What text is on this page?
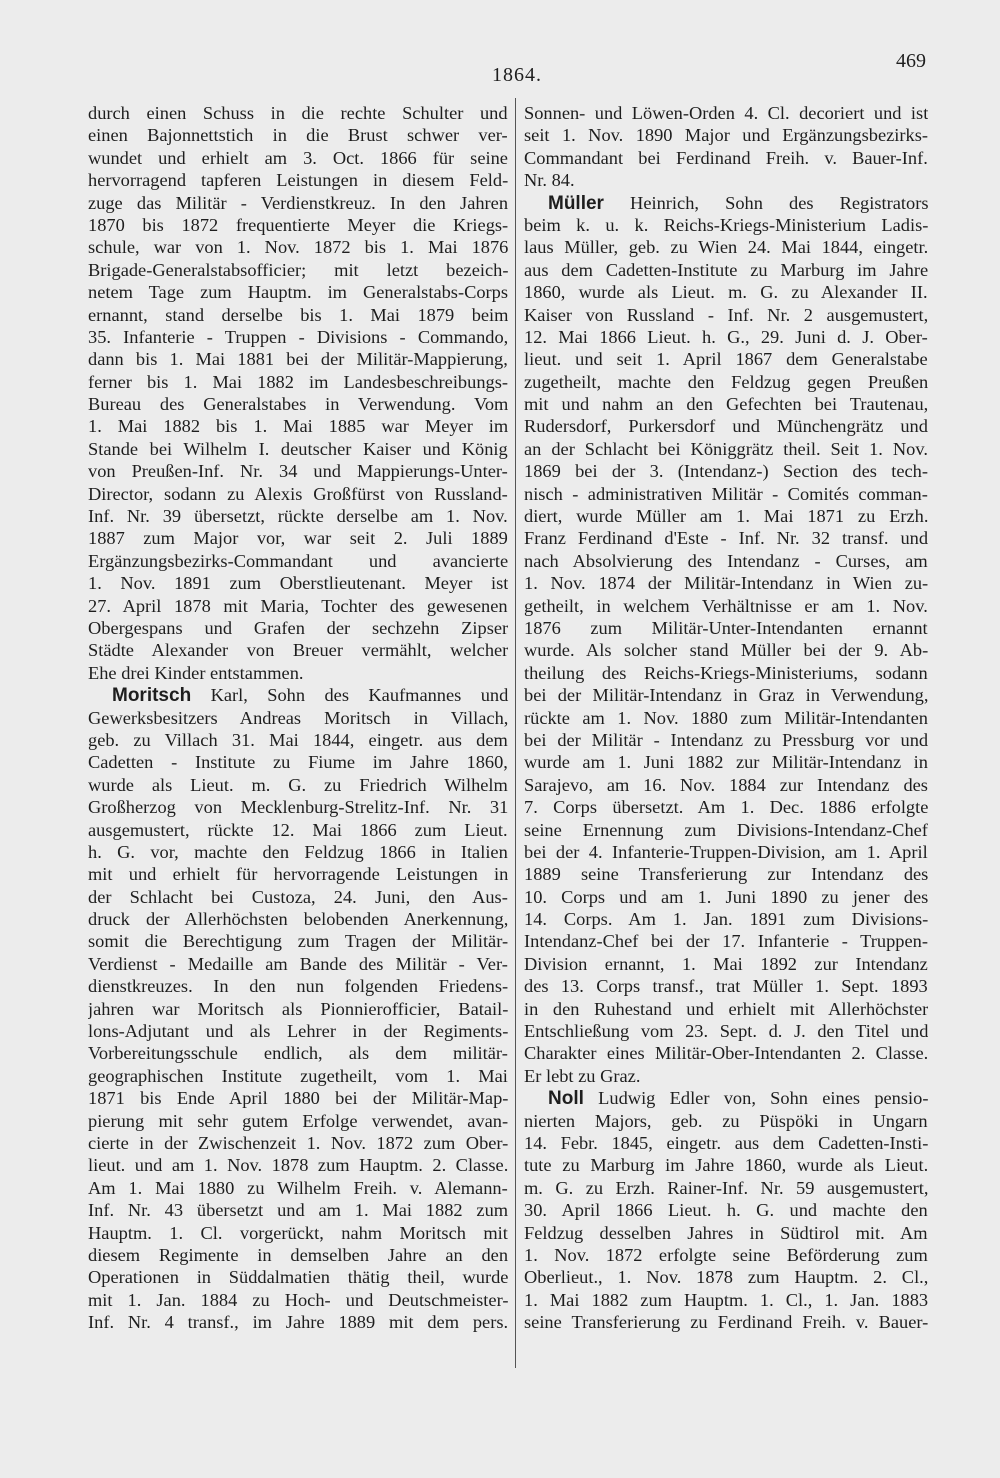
1864.
469
durch einen Schuss in die rechte Schulter und
einen Bajonnettstich in die Brust schwer ver-
wundet und erhielt am 3. Oct. 1866 für seine
hervorragend tapferen Leistungen in diesem Feld-
zuge das Militär - Verdienstkreuz. In den Jahren
1870 bis 1872 frequentierte Meyer die Kriegs-
schule, war von 1. Nov. 1872 bis 1. Mai 1876
Brigade-Generalstabsofficier; mit letzt bezeich-
netem Tage zum Hauptm. im Generalstabs-Corps
ernannt, stand derselbe bis 1. Mai 1879 beim
35. Infanterie - Truppen - Divisions - Commando,
dann bis 1. Mai 1881 bei der Militär-Mappierung,
ferner bis 1. Mai 1882 im Landesbeschreibungs-
Bureau des Generalstabes in Verwendung. Vom
1. Mai 1882 bis 1. Mai 1885 war Meyer im
Stande bei Wilhelm I. deutscher Kaiser und König
von Preußen-Inf. Nr. 34 und Mappierungs-Unter-
Director, sodann zu Alexis Großfürst von Russland-
Inf. Nr. 39 übersetzt, rückte derselbe am 1. Nov.
1887 zum Major vor, war seit 2. Juli 1889
Ergänzungsbezirks-Commandant und avancierte
1. Nov. 1891 zum Oberstlieutenant. Meyer ist
27. April 1878 mit Maria, Tochter des gewesenen
Obergespans und Grafen der sechzehn Zipser
Städte Alexander von Breuer vermählt, welcher
Ehe drei Kinder entstammen.
Moritsch Karl, Sohn des Kaufmannes und
Gewerksbesitzers Andreas Moritsch in Villach,
geb. zu Villach 31. Mai 1844, eingetr. aus dem
Cadetten - Institute zu Fiume im Jahre 1860,
wurde als Lieut. m. G. zu Friedrich Wilhelm
Großherzog von Mecklenburg-Strelitz-Inf. Nr. 31
ausgemustert, rückte 12. Mai 1866 zum Lieut.
h. G. vor, machte den Feldzug 1866 in Italien
mit und erhielt für hervorragende Leistungen in
der Schlacht bei Custoza, 24. Juni, den Aus-
druck der Allerhöchsten belobenden Anerkennung,
somit die Berechtigung zum Tragen der Militär-
Verdienst - Medaille am Bande des Militär - Ver-
dienstkreuzes. In den nun folgenden Friedens-
jahren war Moritsch als Pionnierofficier, Batail-
lons-Adjutant und als Lehrer in der Regiments-
Vorbereitungsschule endlich, als dem militär-
geographischen Institute zugetheilt, vom 1. Mai
1871 bis Ende April 1880 bei der Militär-Map-
pierung mit sehr gutem Erfolge verwendet, avan-
cierte in der Zwischenzeit 1. Nov. 1872 zum Ober-
lieut. und am 1. Nov. 1878 zum Hauptm. 2. Classe.
Am 1. Mai 1880 zu Wilhelm Freih. v. Alemann-
Inf. Nr. 43 übersetzt und am 1. Mai 1882 zum
Hauptm. 1. Cl. vorgerückt, nahm Moritsch mit
diesem Regimente in demselben Jahre an den
Operationen in Süddalmatien thätig theil, wurde
mit 1. Jan. 1884 zu Hoch- und Deutschmeister-
Inf. Nr. 4 transf., im Jahre 1889 mit dem pers.
Sonnen- und Löwen-Orden 4. Cl. decoriert und ist
seit 1. Nov. 1890 Major und Ergänzungsbezirks-
Commandant bei Ferdinand Freih. v. Bauer-Inf.
Nr. 84.
Müller Heinrich, Sohn des Registrators
beim k. u. k. Reichs-Kriegs-Ministerium Ladis-
laus Müller, geb. zu Wien 24. Mai 1844, eingetr.
aus dem Cadetten-Institute zu Marburg im Jahre
1860, wurde als Lieut. m. G. zu Alexander II.
Kaiser von Russland - Inf. Nr. 2 ausgemustert,
12. Mai 1866 Lieut. h. G., 29. Juni d. J. Ober-
lieut. und seit 1. April 1867 dem Generalstabe
zugetheilt, machte den Feldzug gegen Preußen
mit und nahm an den Gefechten bei Trautenau,
Rudersdorf, Purkersdorf und Münchengrätz und
an der Schlacht bei Königgrätz theil. Seit 1. Nov.
1869 bei der 3. (Intendanz-) Section des tech-
nisch - administrativen Militär - Comités comman-
diert, wurde Müller am 1. Mai 1871 zu Erzh.
Franz Ferdinand d'Este - Inf. Nr. 32 transf. und
nach Absolvierung des Intendanz - Curses, am
1. Nov. 1874 der Militär-Intendanz in Wien zu-
getheilt, in welchem Verhältnisse er am 1. Nov.
1876 zum Militär-Unter-Intendanten ernannt
wurde. Als solcher stand Müller bei der 9. Ab-
theilung des Reichs-Kriegs-Ministeriums, sodann
bei der Militär-Intendanz in Graz in Verwendung,
rückte am 1. Nov. 1880 zum Militär-Intendanten
bei der Militär - Intendanz zu Pressburg vor und
wurde am 1. Juni 1882 zur Militär-Intendanz in
Sarajevo, am 16. Nov. 1884 zur Intendanz des
7. Corps übersetzt. Am 1. Dec. 1886 erfolgte
seine Ernennung zum Divisions-Intendanz-Chef
bei der 4. Infanterie-Truppen-Division, am 1. April
1889 seine Transferierung zur Intendanz des
10. Corps und am 1. Juni 1890 zu jener des
14. Corps. Am 1. Jan. 1891 zum Divisions-
Intendanz-Chef bei der 17. Infanterie - Truppen-
Division ernannt, 1. Mai 1892 zur Intendanz
des 13. Corps transf., trat Müller 1. Sept. 1893
in den Ruhestand und erhielt mit Allerhöchster
Entschließung vom 23. Sept. d. J. den Titel und
Charakter eines Militär-Ober-Intendanten 2. Classe.
Er lebt zu Graz.
Noll Ludwig Edler von, Sohn eines pensio-
nierten Majors, geb. zu Püspöki in Ungarn
14. Febr. 1845, eingetr. aus dem Cadetten-Insti-
tute zu Marburg im Jahre 1860, wurde als Lieut.
m. G. zu Erzh. Rainer-Inf. Nr. 59 ausgemustert,
30. April 1866 Lieut. h. G. und machte den
Feldzug desselben Jahres in Südtirol mit. Am
1. Nov. 1872 erfolgte seine Beförderung zum
Oberlieut., 1. Nov. 1878 zum Hauptm. 2. Cl.,
1. Mai 1882 zum Hauptm. 1. Cl., 1. Jan. 1883
seine Transferierung zu Ferdinand Freih. v. Bauer-
